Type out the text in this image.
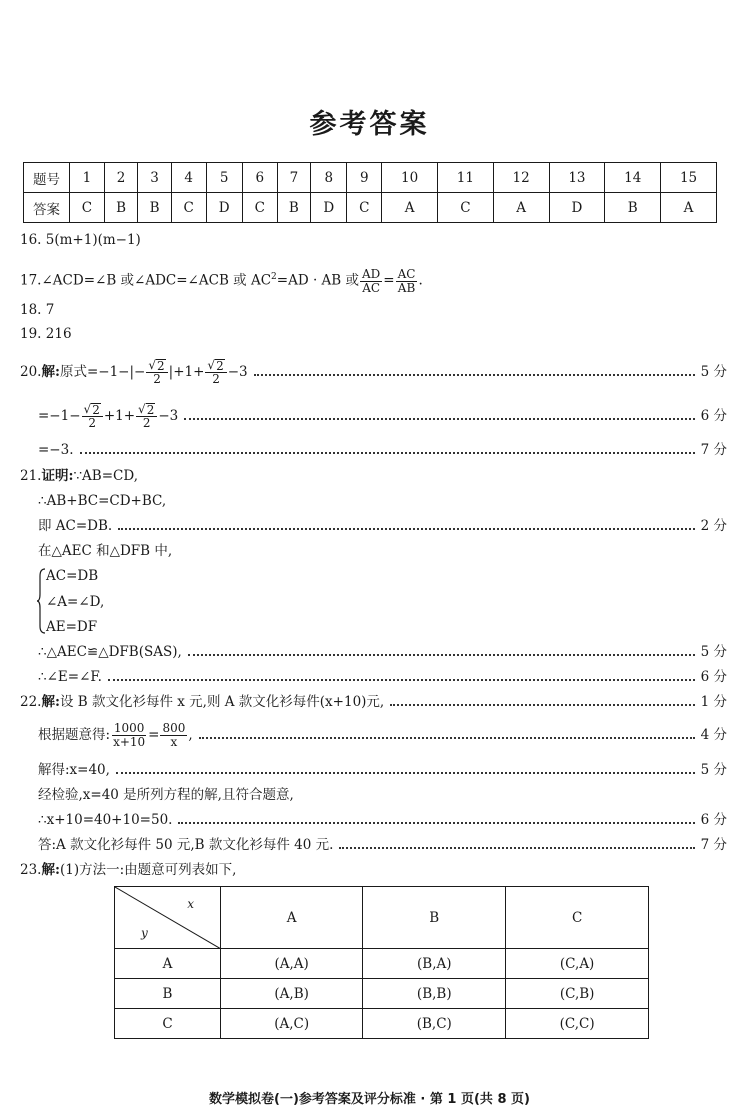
参考答案
题号	1	2	3	4	5	6	7	8	9	10	11	12	13	14	15
答案	C	B	B	C	D	C	B	D	C	A	C	A	D	B	A
16. 5(m+1)(m−1)
17.∠ACD=∠B 或∠ADC=∠ACB 或 $AC^2=AD$ · AB 或 $\frac{AD}{AC} = \frac{AC}{AB}$ .
18. 7
19. 216
20. 解: 原式$=-1-|- \frac{√ 2}{2} |+1+ \frac{√ 2}{2} -3$	5 分
$=-1- \frac{√ 2}{2} +1+ \frac{√ 2}{2} -3$	6 分
=−3.	7 分
21.证明:∵AB=CD,
∴AB+BC=CD+BC,
即 AC=DB.	2 分
在△AEC 和△DFB 中,
AC=DB
∠A=∠D,
AE=DF
∴△AEC≌△DFB(SAS),	5 分
∴∠E=∠F.	6 分
22. 解: 设 B 款文化衫每件 x 元,则 A 款文化衫每件(x+10)元,	1 分
根据题意得: $\frac{1000}{x+10} = \frac{800}{x}$ ,	4 分
解得:x=40,	5 分
经检验,x=40 是所列方程的解,且符合题意,
∴x+10=40+10=50.	6 分
答:A 款文化衫每件 50 元,B 款文化衫每件 40 元.	7 分
23.解:(1)方法一:由题意可列表如下,
x
y	A	B	C
A	(A,A)	(B,A)	(C,A)
B	(A,B)	(B,B)	(C,B)
C	(A,C)	(B,C)	(C,C)
数学模拟卷(一)参考答案及评分标准 · 第 1 页(共 8 页)
